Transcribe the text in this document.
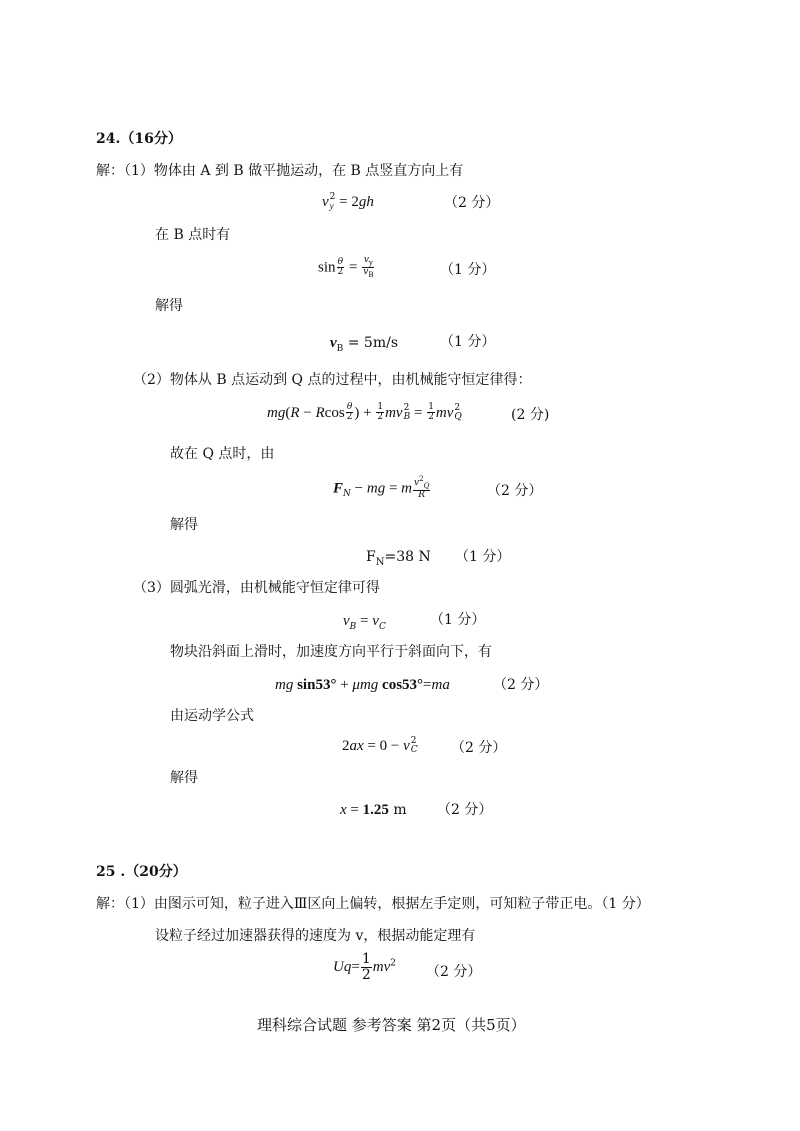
24.（16分）
解：（1）物体由 A 到 B 做平抛运动，在 B 点竖直方向上有
v 2
y = 2gh	（2 分）
在 B 点时有
$\sin \frac{\theta}{2} = \frac{v_y}{v_B}$	（1 分）
解得
$v_B = 5m/s$	（1 分）
（2）物体从 B 点运动到 Q 点的过程中，由机械能守恒定律得：
mg(R − Rcos $\frac{\theta}{2}$ ) + $\frac{1}{2}$ mv 2
$B = \frac{1}{2}$ mv 2
Q	(2 分)
故在 Q 点时，由
$F_N$ − mg = m $\frac{v^2_Q}{R}$	（2 分）
解得
$F_N=38$ N （1 分）
（3）圆弧光滑，由机械能守恒定律可得
$v_B = v_C$	（1 分）
物块沿斜面上滑时，加速度方向平行于斜面向下，有
mg sin53° + μmg cos53°=ma	（2 分）
由运动学公式
2ax = 0 − v 2
C （2 分）
解得
x = 1.25 m （2 分）
25 .（20分）
解：（1）由图示可知，粒子进入Ⅲ区向上偏转，根据左手定则，可知粒子带正电。（1 分）
设粒子经过加速器获得的速度为 v，根据动能定理有
$Uq= \frac{1}{2} mv^2$
（2 分）
理科综合试题 参考答案 第2页（共5页）
